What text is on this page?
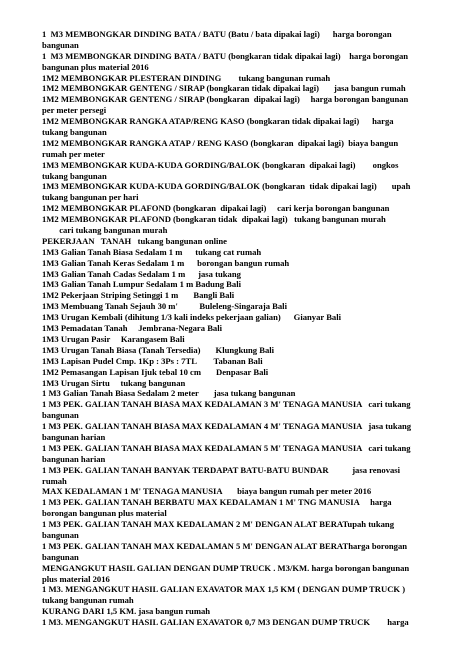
1  M3 MEMBONGKAR DINDING BATA / BATU (Batu / bata dipakai lagi)      harga borongan
bangunan
1  M3 MEMBONGKAR DINDING BATA / BATU (bongkaran tidak dipakai lagi)    harga borongan
bangunan plus material 2016
1M2 MEMBONGKAR PLESTERAN DINDING        tukang bangunan rumah
1M2 MEMBONGKAR GENTENG / SIRAP (bongkaran tidak dipakai lagi)       jasa bangun rumah
1M2 MEMBONGKAR GENTENG / SIRAP (bongkaran  dipakai lagi)     harga borongan bangunan
per meter persegi
1M2 MEMBONGKAR RANGKA ATAP/RENG KASO (bongkaran tidak dipakai lagi)      harga
tukang bangunan
1M2 MEMBONGKAR RANGKA ATAP / RENG KASO (bongkaran  dipakai lagi)  biaya bangun
rumah per meter
1M3 MEMBONGKAR KUDA-KUDA GORDING/BALOK (bongkaran  dipakai lagi)        ongkos
tukang bangunan
1M3 MEMBONGKAR KUDA-KUDA GORDING/BALOK (bongkaran  tidak dipakai lagi)       upah
tukang bangunan per hari
1M2 MEMBONGKAR PLAFOND (bongkaran  dipakai lagi)     cari kerja borongan bangunan
1M2 MEMBONGKAR PLAFOND (bongkaran tidak  dipakai lagi)   tukang bangunan murah
cari tukang bangunan murah
PEKERJAAN   TANAH   tukang bangunan online
1M3 Galian Tanah Biasa Sedalam 1 m      tukang cat rumah
1M3 Galian Tanah Keras Sedalam 1 m      borongan bangun rumah
1M3 Galian Tanah Cadas Sedalam 1 m      jasa tukang
1M3 Galian Tanah Lumpur Sedalam 1 m Badung Bali
1M2 Pekerjaan Striping Setinggi 1 m       Bangli Bali
1M3 Membuang Tanah Sejauh 30 m'          Buleleng-Singaraja Bali
1M3 Urugan Kembali (dihitung 1/3 kali indeks pekerjaan galian)      Gianyar Bali
1M3 Pemadatan Tanah     Jembrana-Negara Bali
1M3 Urugan Pasir     Karangasem Bali
1M3 Urugan Tanah Biasa (Tanah Tersedia)       Klungkung Bali
1M3 Lapisan Pudel Cmp. 1Kp : 3Ps : 7TL        Tabanan Bali
1M2 Pemasangan Lapisan Ijuk tebal 10 cm       Denpasar Bali
1M3 Urugan Sirtu     tukang bangunan
1 M3 Galian Tanah Biasa Sedalam 2 meter       jasa tukang bangunan
1 M3 PEK. GALIAN TANAH BIASA MAX KEDALAMAN 3 M' TENAGA MANUSIA   cari tukang
bangunan
1 M3 PEK. GALIAN TANAH BIASA MAX KEDALAMAN 4 M' TENAGA MANUSIA   jasa tukang
bangunan harian
1 M3 PEK. GALIAN TANAH BIASA MAX KEDALAMAN 5 M' TENAGA MANUSIA   cari tukang
bangunan harian
1 M3 PEK. GALIAN TANAH BANYAK TERDAPAT BATU-BATU BUNDAR           jasa renovasi
rumah
MAX KEDALAMAN 1 M' TENAGA MANUSIA       biaya bangun rumah per meter 2016
1 M3 PEK. GALIAN TANAH BERBATU MAX KEDALAMAN 1 M' TNG MANUSIA     harga
borongan bangunan plus material
1 M3 PEK. GALIAN TANAH MAX KEDALAMAN 2 M' DENGAN ALAT BERATupah tukang
bangunan
1 M3 PEK. GALIAN TANAH MAX KEDALAMAN 5 M' DENGAN ALAT BERATharga borongan
bangunan
MENGANGKUT HASIL GALIAN DENGAN DUMP TRUCK . M3/KM. harga borongan bangunan
plus material 2016
1 M3. MENGANGKUT HASIL GALIAN EXAVATOR MAX 1,5 KM ( DENGAN DUMP TRUCK )
tukang bangunan rumah
KURANG DARI 1,5 KM. jasa bangun rumah
1 M3. MENGANGKUT HASIL GALIAN EXAVATOR 0,7 M3 DENGAN DUMP TRUCK        harga
